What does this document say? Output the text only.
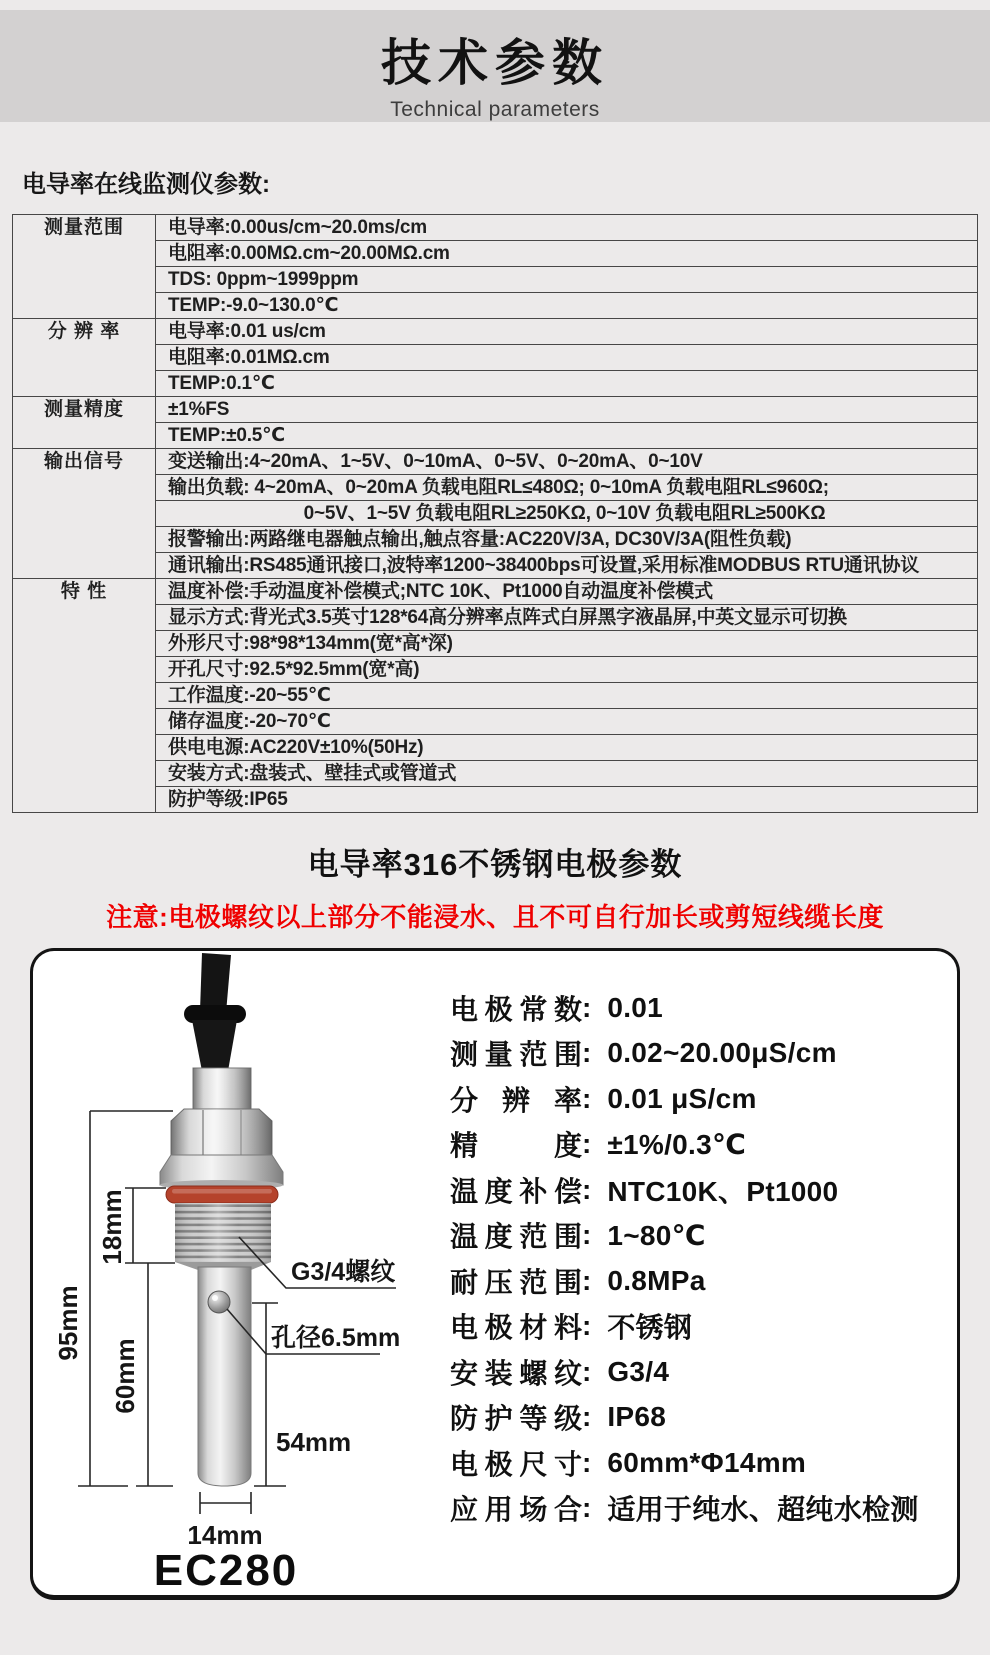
技术参数
Technical parameters
电导率在线监测仪参数:
测量范围	电导率:0.00us/cm~20.0ms/cm
	电阻率:0.00MΩ.cm~20.00MΩ.cm
	TDS: 0ppm~1999ppm
	TEMP:-9.0~130.0℃
分 辨 率	电导率:0.01 us/cm
	电阻率:0.01MΩ.cm
	TEMP:0.1℃
测量精度	±1%FS
	TEMP:±0.5℃
输出信号	变送输出:4~20mA、1~5V、0~10mA、0~5V、0~20mA、0~10V
	输出负载: 4~20mA、0~20mA 负载电阻RL≤480Ω; 0~10mA 负载电阻RL≤960Ω;
	0~5V、1~5V 负载电阻RL≥250KΩ, 0~10V 负载电阻RL≥500KΩ
	报警输出:两路继电器触点输出,触点容量:AC220V/3A, DC30V/3A(阻性负载)
	通讯输出:RS485通讯接口,波特率1200~38400bps可设置,采用标准MODBUS RTU通讯协议
特 性	温度补偿:手动温度补偿模式;NTC 10K、Pt1000自动温度补偿模式
	显示方式:背光式3.5英寸128*64高分辨率点阵式白屏黑字液晶屏,中英文显示可切换
	外形尺寸:98*98*134mm(宽*高*深)
	开孔尺寸:92.5*92.5mm(宽*高)
	工作温度:-20~55℃
	储存温度:-20~70℃
	供电电源:AC220V±10%(50Hz)
	安装方式:盘装式、壁挂式或管道式
	防护等级:IP65
电导率316不锈钢电极参数
注意:电极螺纹以上部分不能浸水、且不可自行加长或剪短线缆长度
95mm
18mm
60mm
54mm
14mm
G3/4螺纹
孔径6.5mm
EC280
电极常数 : 0.01
测量范围 : 0.02~20.00μS/cm
分辨率 : 0.01 μS/cm
精度 : ±1%/0.3℃
温度补偿 : NTC10K、Pt1000
温度范围 : 1~80℃
耐压范围 : 0.8MPa
电极材料 : 不锈钢
安装螺纹 : G3/4
防护等级 : IP68
电极尺寸 : 60mm*Φ14mm
应用场合 : 适用于纯水、超纯水检测
